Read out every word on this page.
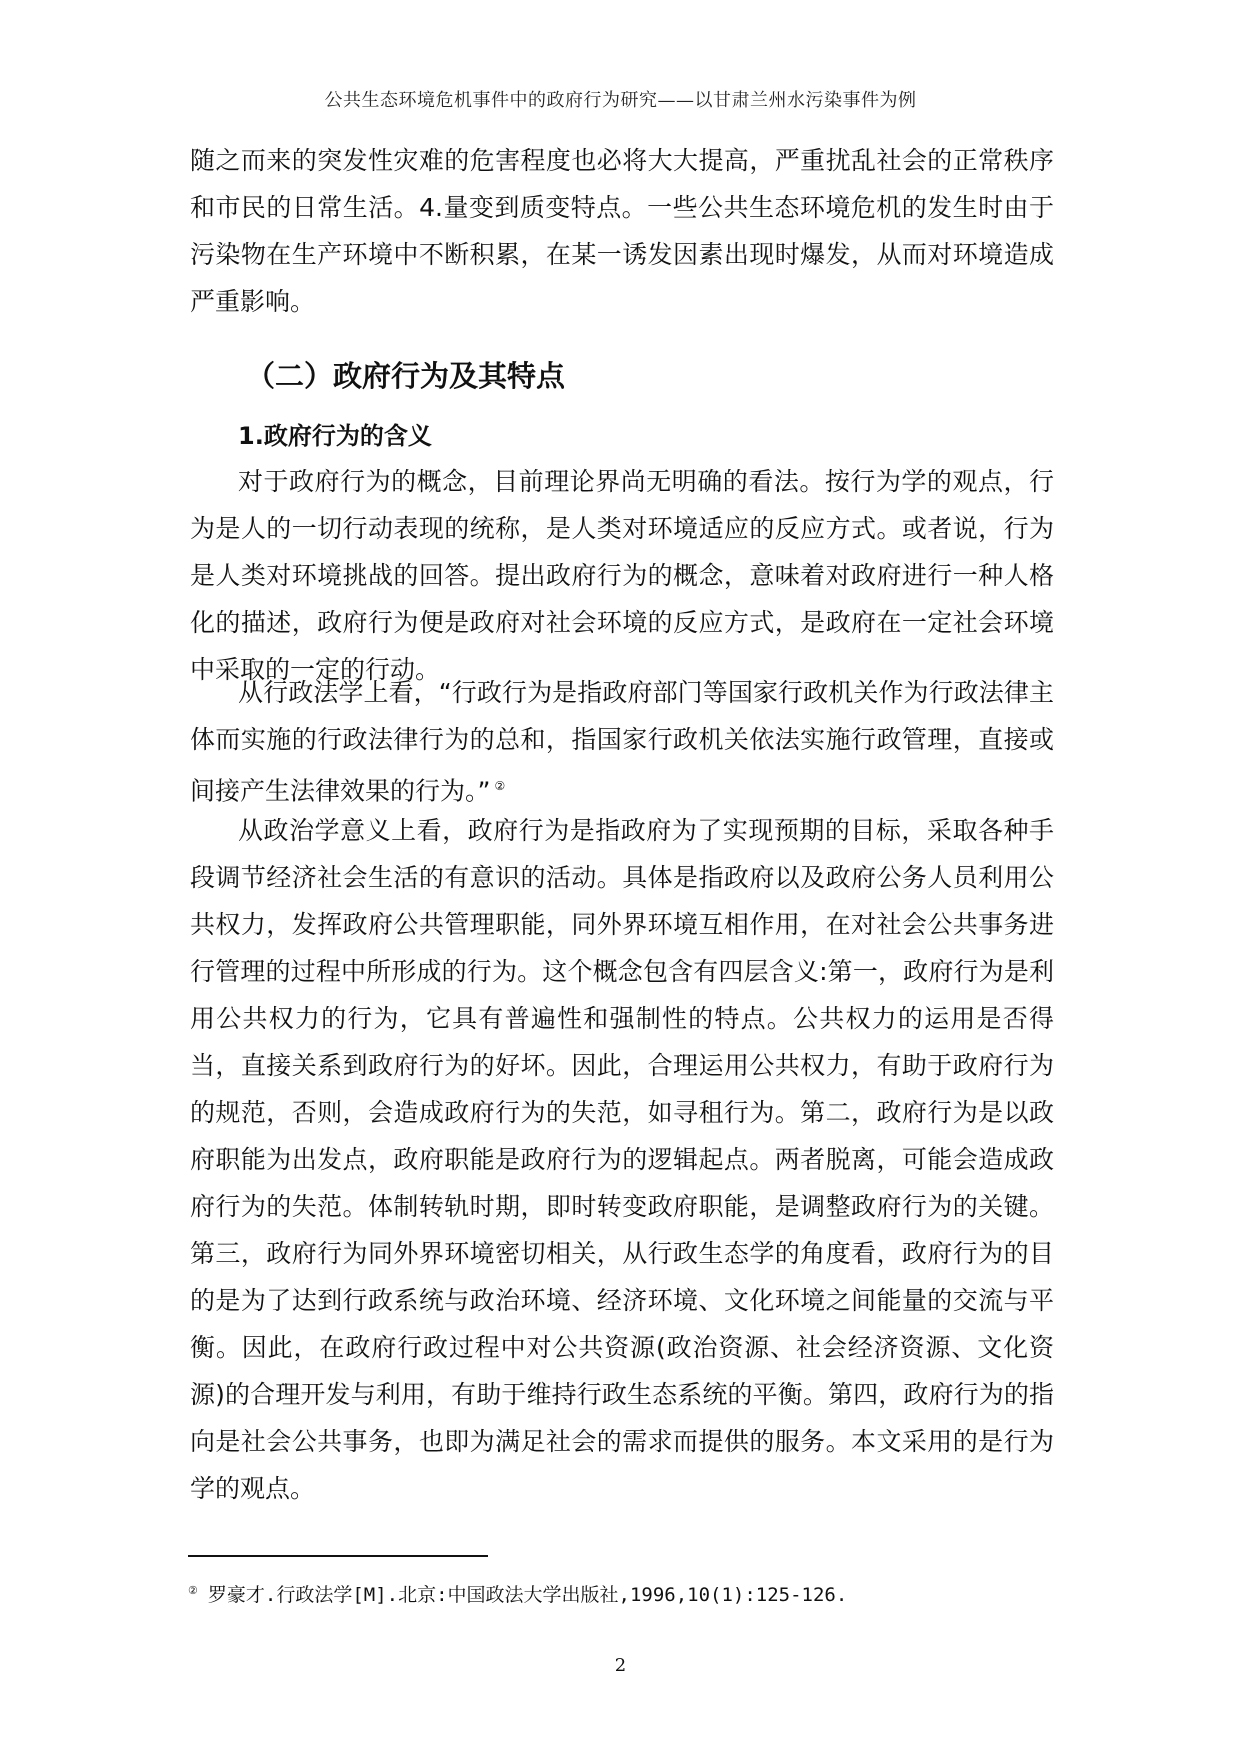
公共生态环境危机事件中的政府行为研究——以甘肃兰州水污染事件为例

随之而来的突发性灾难的危害程度也必将大大提高，严重扰乱社会的正常秩序和市民的日常生活。4.量变到质变特点。一些公共生态环境危机的发生时由于污染物在生产环境中不断积累，在某一诱发因素出现时爆发，从而对环境造成严重影响。

（二）政府行为及其特点
1.政府行为的含义

对于政府行为的概念，目前理论界尚无明确的看法。按行为学的观点，行为是人的一切行动表现的统称，是人类对环境适应的反应方式。或者说，行为是人类对环境挑战的回答。提出政府行为的概念，意味着对政府进行一种人格化的描述，政府行为便是政府对社会环境的反应方式，是政府在一定社会环境中采取的一定的行动。

从行政法学上看，“行政行为是指政府部门等国家行政机关作为行政法律主体而实施的行政法律行为的总和，指国家行政机关依法实施行政管理，直接或间接产生法律效果的行为。” ②

从政治学意义上看，政府行为是指政府为了实现预期的目标，采取各种手段调节经济社会生活的有意识的活动。具体是指政府以及政府公务人员利用公共权力，发挥政府公共管理职能，同外界环境互相作用，在对社会公共事务进行管理的过程中所形成的行为。这个概念包含有四层含义:第一，政府行为是利用公共权力的行为，它具有普遍性和强制性的特点。公共权力的运用是否得当，直接关系到政府行为的好坏。因此，合理运用公共权力，有助于政府行为的规范，否则，会造成政府行为的失范，如寻租行为。第二，政府行为是以政府职能为出发点，政府职能是政府行为的逻辑起点。两者脱离，可能会造成政府行为的失范。体制转轨时期，即时转变政府职能，是调整政府行为的关键。第三，政府行为同外界环境密切相关，从行政生态学的角度看，政府行为的目的是为了达到行政系统与政治环境、经济环境、文化环境之间能量的交流与平衡。因此，在政府行政过程中对公共资源(政治资源、社会经济资源、文化资源)的合理开发与利用，有助于维持行政生态系统的平衡。第四，政府行为的指向是社会公共事务，也即为满足社会的需求而提供的服务。本文采用的是行为学的观点。

② 罗豪才.行政法学[M].北京:中国政法大学出版社,1996,10(1):125-126.

2
